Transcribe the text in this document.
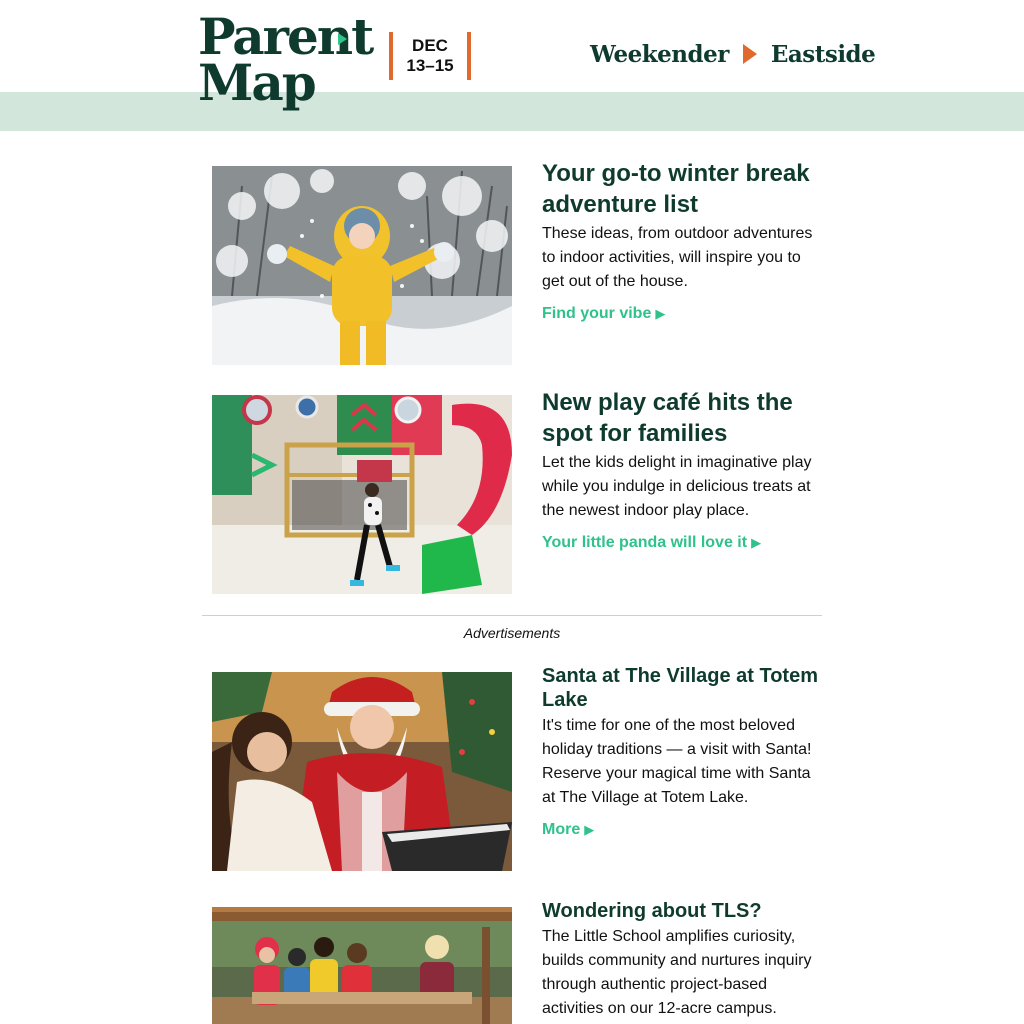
Parent
Map
DEC
13–15	Weekender Eastside
Your go-to winter break adventure list
These ideas, from outdoor adventures to indoor activities, will inspire you to get out of the house.
Find your vibe ▶
New play café hits the spot for families
Let the kids delight in imaginative play while you indulge in delicious treats at the newest indoor play place.
Your little panda will love it ▶
Advertisements
Santa at The Village at Totem Lake
It's time for one of the most beloved holiday traditions — a visit with Santa! Reserve your magical time with Santa at The Village at Totem Lake.
More ▶
Wondering about TLS?
The Little School amplifies curiosity, builds community and nurtures inquiry through authentic project-based activities on our 12-acre campus.
